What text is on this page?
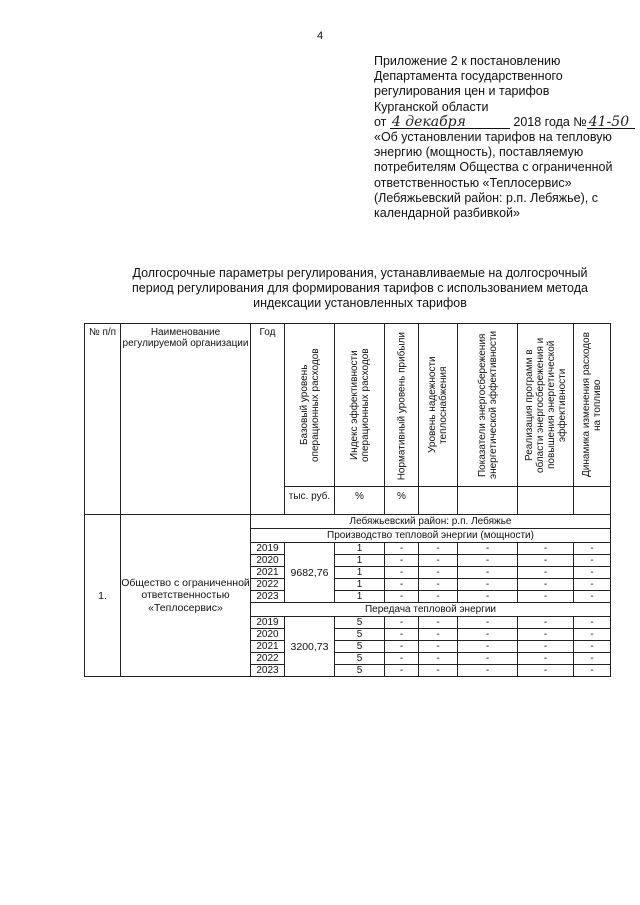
4
Приложение 2 к постановлению
Департамента государственного
регулирования цен и тарифов
Курганской области
от 4 декабря	2018 года № 41-50
«Об установлении тарифов на тепловую
энергию (мощность), поставляемую
потребителям Общества с ограниченной
ответственностью «Теплосервис»
(Лебяжьевский район: р.п. Лебяжье), с
календарной разбивкой»
Долгосрочные параметры регулирования, устанавливаемые на долгосрочный
период регулирования для формирования тарифов с использованием метода
индексации установленных тарифов
№ п/п	Наименование регулируемой организации	Год	Базовый уровень операционных расходов	Индекс эффективности операционных расходов	Нормативный уровень прибыли	Уровень надежности теплоснабжения	Показатели энергосбережения энергетической эффективности	Реализация программ в области энергосбережения и повышения энергетической эффективности	Динамика изменения расходов на топливо

			тыс. руб.	%	%				
1.	Общество с ограниченной ответственностью «Теплосервис»	Лебяжьевский район: р.п. Лебяжье							
		Производство тепловой энергии (мощности)							
		2019	9682,76	1	-	-	-	-	-
		2020		1	-	-	-	-	-
		2021		1	-	-	-	-	-
		2022		1	-	-	-	-	-
		2023		1	-	-	-	-	-
		Передача тепловой энергии							
		2019	3200,73	5	-	-	-	-	-
		2020		5	-	-	-	-	-
		2021		5	-	-	-	-	-
		2022		5	-	-	-	-	-
		2023		5	-	-	-	-	-
